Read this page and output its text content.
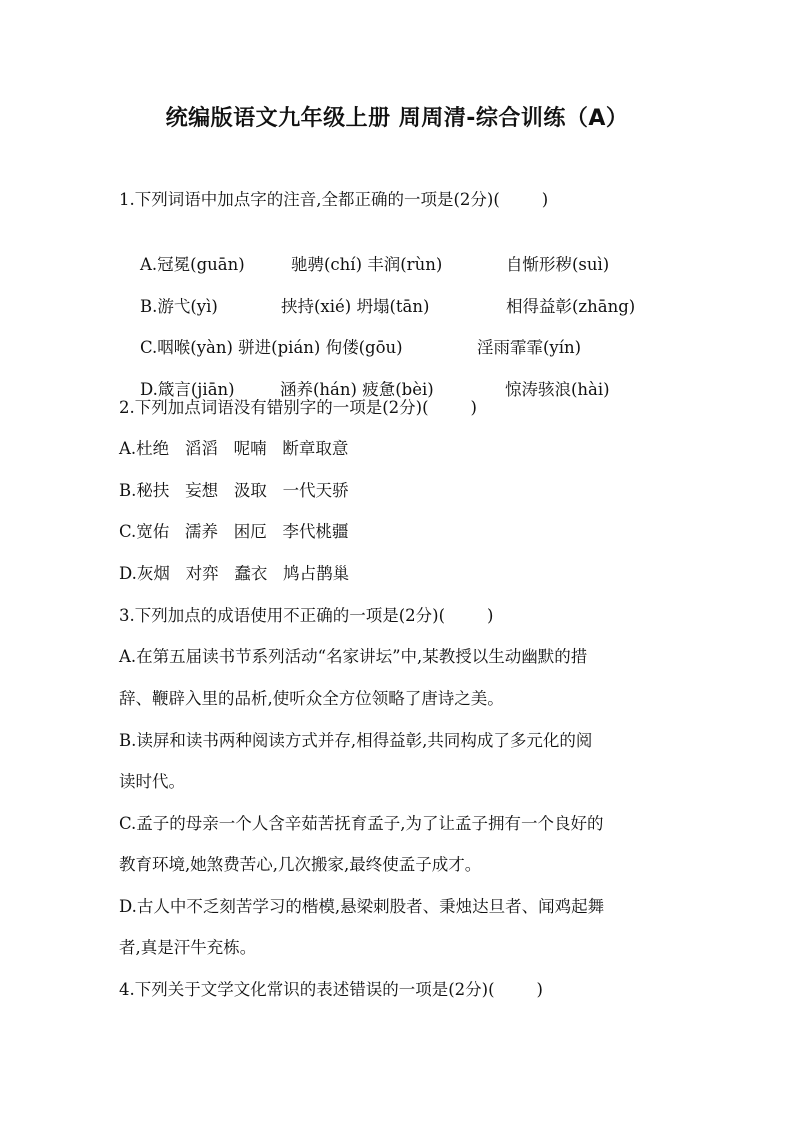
统编版语文九年级上册 周周清-综合训练（A）
1.下列词语中加点字的注音,全都正确的一项是(2分)(        )

A.冠冕(guān)	驰骋(chí) 丰润(rùn)	自惭形秽(suì)

B.游弋(yì)	挟持(xié) 坍塌(tān)	相得益彰(zhāng)

C.咽喉(yàn) 骈进(pián) 佝偻(gōu)	淫雨霏霏(yín)

D.箴言(jiān)	涵养(hán) 疲惫(bèi)	惊涛骇浪(hài)

2.下列加点词语没有错别字的一项是(2分)(        )
A.杜绝   滔滔   呢喃   断章取意
B.秘扶   妄想   汲取   一代天骄
C.宽佑   濡养   困厄   李代桃疆
D.灰烟   对弈   蠢衣   鸠占鹊巢
3.下列加点的成语使用不正确的一项是(2分)(        )
A.在第五届读书节系列活动“名家讲坛”中,某教授以生动幽默的措
辞、鞭辟入里的品析,使听众全方位领略了唐诗之美。
B.读屏和读书两种阅读方式并存,相得益彰,共同构成了多元化的阅
读时代。
C.孟子的母亲一个人含辛茹苦抚育孟子,为了让孟子拥有一个良好的
教育环境,她煞费苦心,几次搬家,最终使孟子成才。
D.古人中不乏刻苦学习的楷模,悬梁刺股者、秉烛达旦者、闻鸡起舞
者,真是汗牛充栋。
4.下列关于文学文化常识的表述错误的一项是(2分)(        )
